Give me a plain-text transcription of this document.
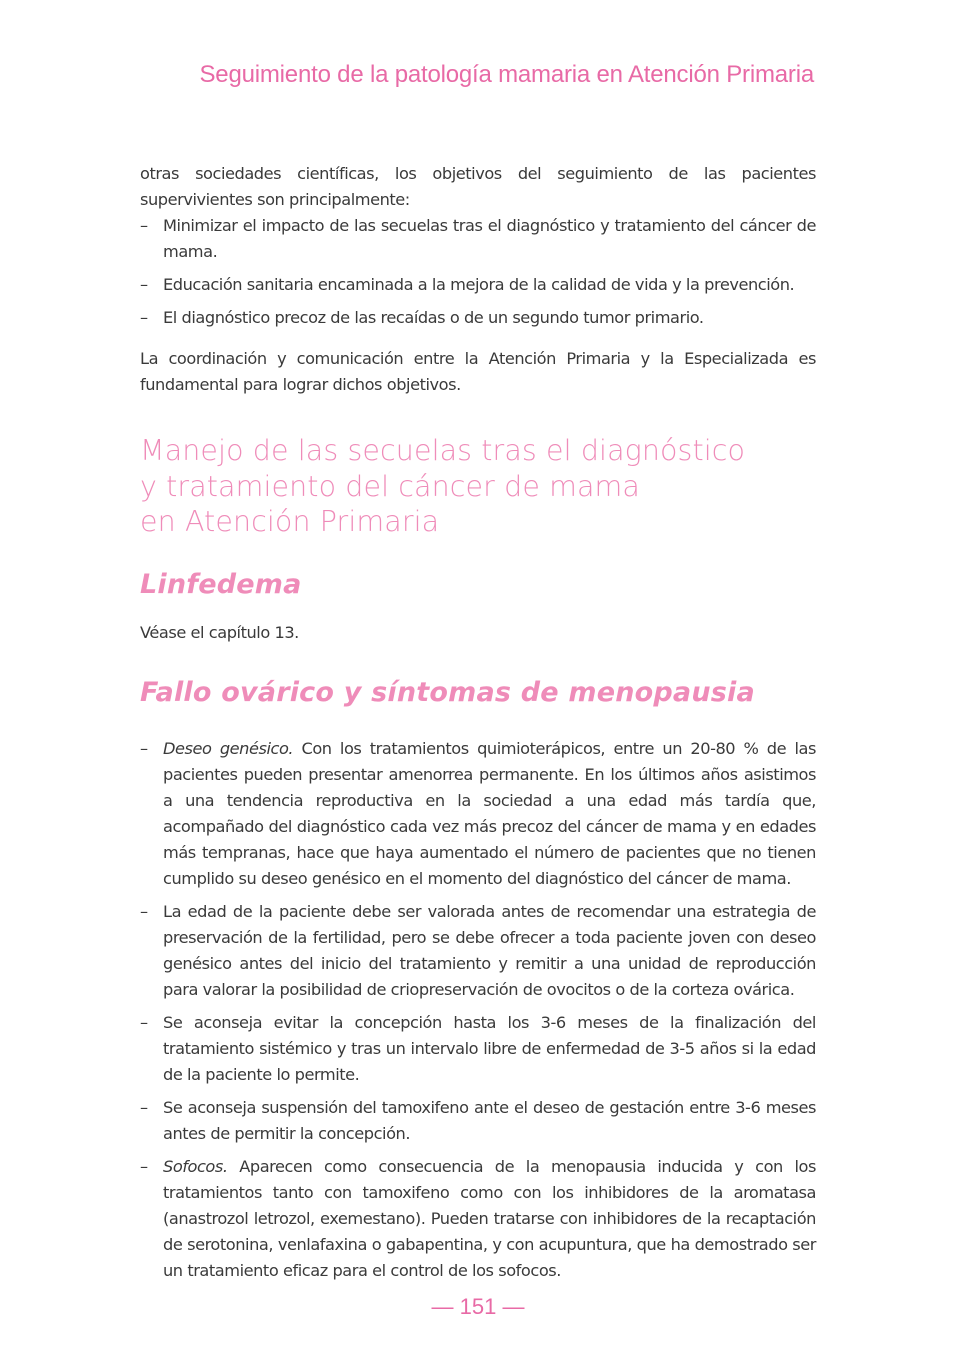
Seguimiento de la patología mamaria en Atención Primaria

otras sociedades científicas, los objetivos del seguimiento de las pacientes supervivientes son principalmente:

– Minimizar el impacto de las secuelas tras el diagnóstico y tratamiento del cáncer de mama.
– Educación sanitaria encaminada a la mejora de la calidad de vida y la prevención.
– El diagnóstico precoz de las recaídas o de un segundo tumor primario.

La coordinación y comunicación entre la Atención Primaria y la Especializada es fundamental para lograr dichos objetivos.

Manejo de las secuelas tras el diagnóstico
y tratamiento del cáncer de mama
en Atención Primaria
Linfedema

Véase el capítulo 13.

Fallo ovárico y síntomas de menopausia
– Deseo genésico. Con los tratamientos quimioterápicos, entre un 20-80 % de las pacientes pueden presentar amenorrea permanente. En los últimos años asistimos a una tendencia reproductiva en la sociedad a una edad más tardía que, acompañado del diagnóstico cada vez más precoz del cáncer de mama y en edades más tempranas, hace que haya aumentado el número de pacientes que no tienen cumplido su deseo genésico en el momento del diagnóstico del cáncer de mama.
– La edad de la paciente debe ser valorada antes de recomendar una estrategia de preservación de la fertilidad, pero se debe ofrecer a toda paciente joven con deseo genésico antes del inicio del tratamiento y remitir a una unidad de reproducción para valorar la posibilidad de criopreservación de ovocitos o de la corteza ovárica.
– Se aconseja evitar la concepción hasta los 3-6 meses de la finalización del tratamiento sistémico y tras un intervalo libre de enfermedad de 3-5 años si la edad de la paciente lo permite.
– Se aconseja suspensión del tamoxifeno ante el deseo de gestación entre 3-6 meses antes de permitir la concepción.
– Sofocos. Aparecen como consecuencia de la menopausia inducida y con los tratamientos tanto con tamoxifeno como con los inhibidores de la aromatasa (anastrozol letrozol, exemestano). Pueden tratarse con inhibidores de la recaptación de serotonina, venlafaxina o gabapentina, y con acupuntura, que ha demostrado ser un tratamiento eficaz para el control de los sofocos.
— 151 —
